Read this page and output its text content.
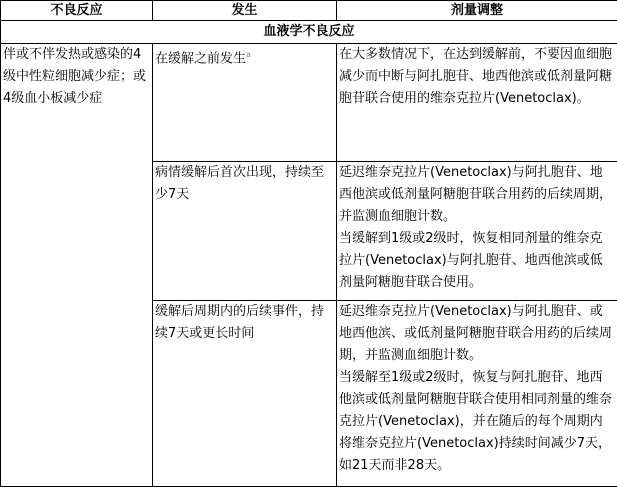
不良反应	发生	剂量调整
血液学不良反应		
伴或不伴发热或感染的4级中性粒细胞减少症；或4级血小板减少症	在缓解之前发生$^a$	在大多数情况下，在达到缓解前，不要因血细胞减少而中断与阿扎胞苷、地西他滨或低剂量阿糖胞苷联合使用的维奈克拉片(Venetoclax)。

	病情缓解后首次出现，持续至少7天	延迟维奈克拉片(Venetoclax)与阿扎胞苷、地西他滨或低剂量阿糖胞苷联合用药的后续周期，并监测血细胞计数。
当缓解到1级或2级时，恢复相同剂量的维奈克拉片(Venetoclax)与阿扎胞苷、地西他滨或低剂量阿糖胞苷联合使用。

	缓解后周期内的后续事件，持续7天或更长时间	延迟维奈克拉片(Venetoclax)与阿扎胞苷、或地西他滨、或低剂量阿糖胞苷联合用药的后续周期，并监测血细胞计数。
当缓解至1级或2级时，恢复与阿扎胞苷、地西他滨或低剂量阿糖胞苷联合使用相同剂量的维奈克拉片(Venetoclax)，并在随后的每个周期内将维奈克拉片(Venetoclax)持续时间减少7天，如21天而非28天。
